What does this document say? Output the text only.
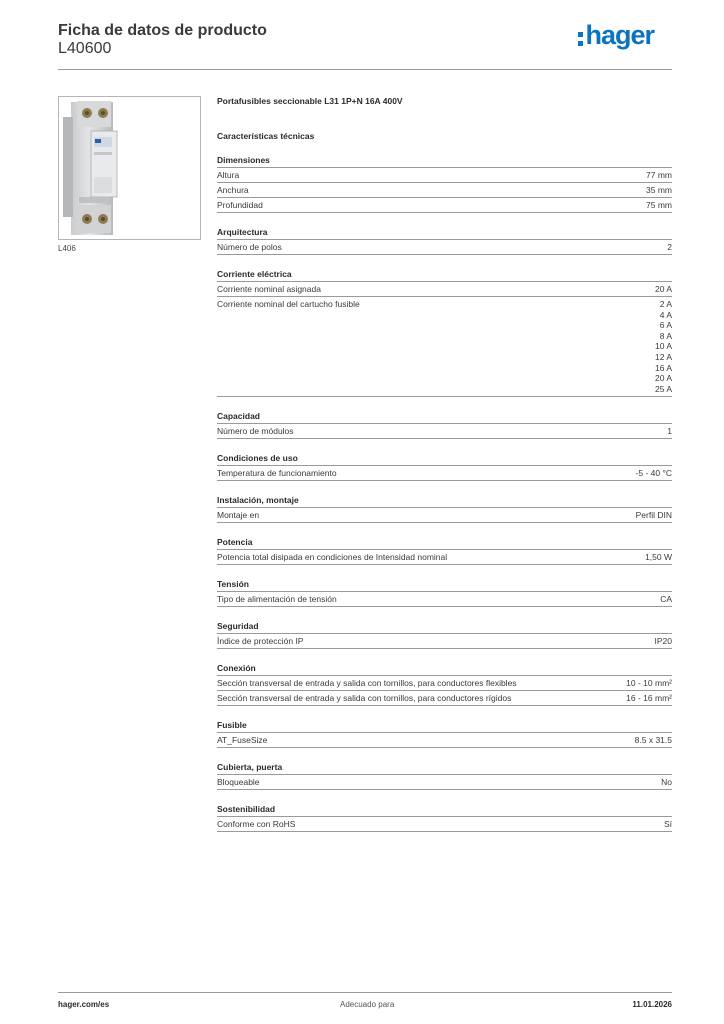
Ficha de datos de producto
L40600	hager
L406
Portafusibles seccionable L31 1P+N 16A 400V
Características técnicas
Dimensiones
Altura	77 mm
Anchura	35 mm
Profundidad	75 mm
Arquitectura
Número de polos	2
Corriente eléctrica
Corriente nominal asignada	20 A
Corriente nominal del cartucho fusible	2 A
4 A
6 A
8 A
10 A
12 A
16 A
20 A
25 A
Capacidad
Número de módulos	1
Condiciones de uso
Temperatura de funcionamiento	-5 - 40 °C
Instalación, montaje
Montaje en	Perfil DIN
Potencia
Potencia total disipada en condiciones de Intensidad nominal	1,50 W
Tensión
Tipo de alimentación de tensión	CA
Seguridad
Índice de protección IP	IP20
Conexión
Sección transversal de entrada y salida con tornillos, para conductores flexibles	10 - 10 mm²
Sección transversal de entrada y salida con tornillos, para conductores rígidos	16 - 16 mm²
Fusible
AT_FuseSize	8.5 x 31.5
Cubierta, puerta
Bloqueable	No
Sostenibilidad
Conforme con RoHS	Sí
hager.com/es	Adecuado para	11.01.2026
